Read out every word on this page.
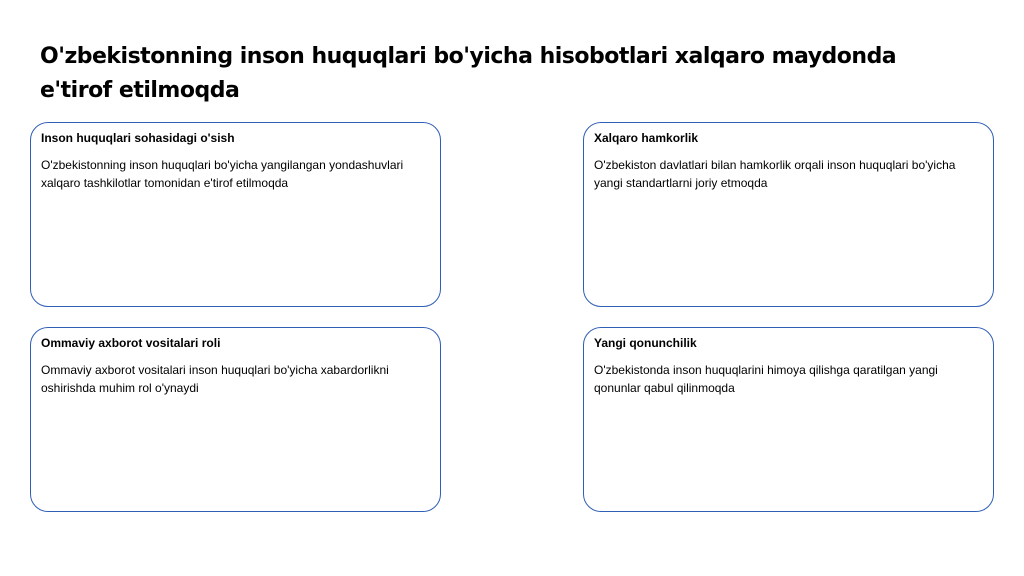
O'zbekistonning inson huquqlari bo'yicha hisobotlari xalqaro maydonda e'tirof etilmoqda

Inson huquqlari sohasidagi o'sish

O'zbekistonning inson huquqlari bo'yicha yangilangan yondashuvlari xalqaro tashkilotlar tomonidan e'tirof etilmoqda

Xalqaro hamkorlik

O'zbekiston davlatlari bilan hamkorlik orqali inson huquqlari bo'yicha yangi standartlarni joriy etmoqda

Ommaviy axborot vositalari roli

Ommaviy axborot vositalari inson huquqlari bo'yicha xabardorlikni oshirishda muhim rol o'ynaydi

Yangi qonunchilik

O'zbekistonda inson huquqlarini himoya qilishga qaratilgan yangi qonunlar qabul qilinmoqda
